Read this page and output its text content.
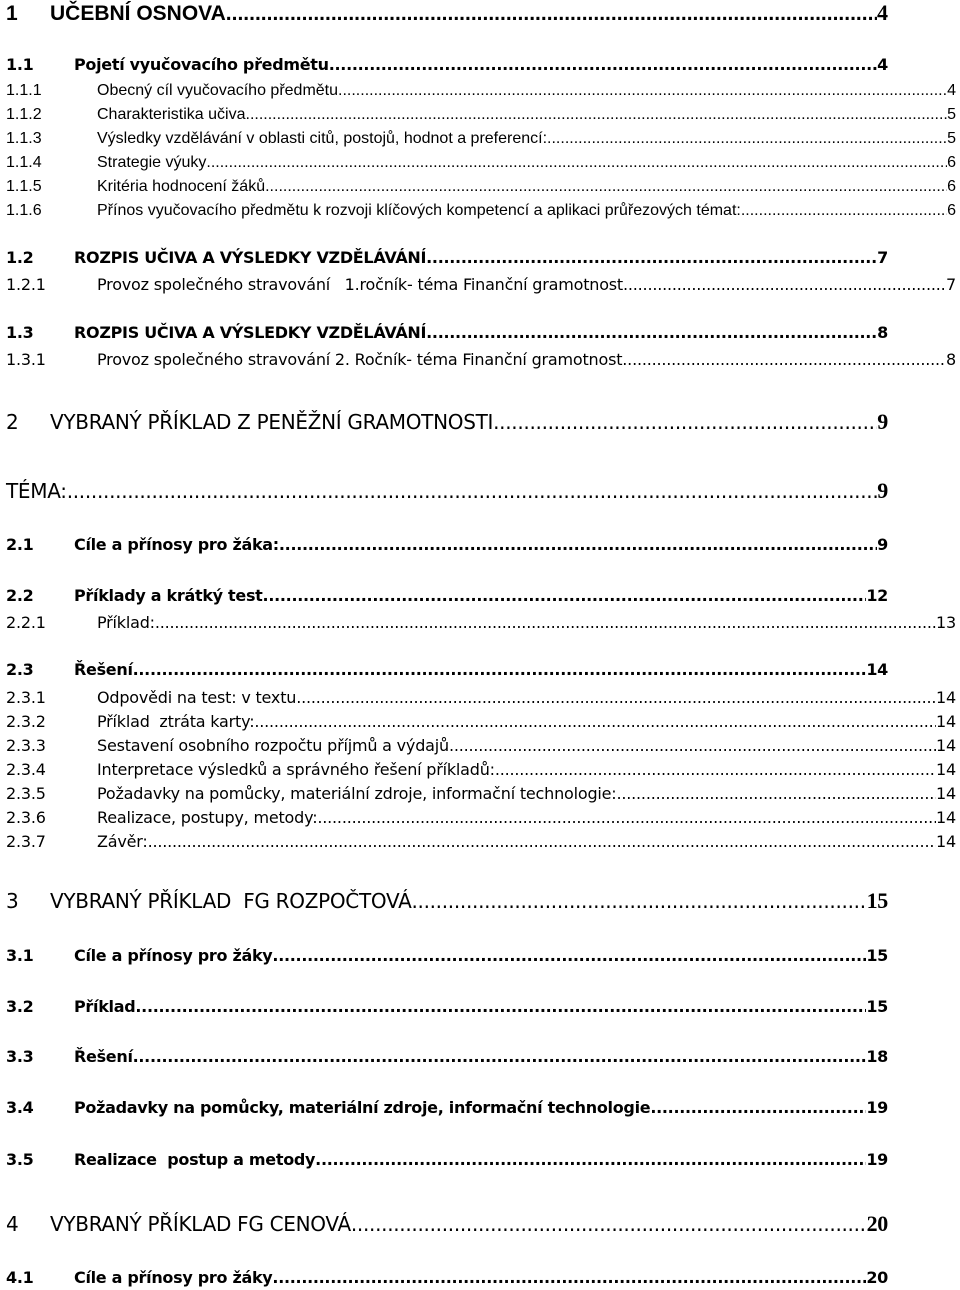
1	UČEBNÍ OSNOVA .....	4
1.1	Pojetí vyučovacího předmětu .....	4
1.1.1	Obecný cíl vyučovacího předmětu .....	4
1.1.2	Charakteristika učiva .....	5
1.1.3	Výsledky vzdělávání v oblasti citů, postojů, hodnot a preferencí: .....	5
1.1.4	Strategie výuky .....	6
1.1.5	Kritéria hodnocení žáků .....	6
1.1.6	Přínos vyučovacího předmětu k rozvoji klíčových kompetencí a aplikaci průřezových témat: .....	6
1.2	ROZPIS UČIVA A VÝSLEDKY VZDĚLÁVÁNÍ .....	7
1.2.1	Provoz společného stravování   1.ročník- téma Finanční gramotnost .....	7
1.3	ROZPIS UČIVA A VÝSLEDKY VZDĚLÁVÁNÍ .....	8
1.3.1	Provoz společného stravování 2. Ročník- téma Finanční gramotnost .....	8
2	VYBRANÝ PŘÍKLAD Z PENĚŽNÍ GRAMOTNOSTI .....	9
TÉMA: .....	9
2.1	Cíle a přínosy pro žáka: .....	9
2.2	Příklady a krátký test .....	12
2.2.1	Příklad: .....	13
2.3	Řešení .....	14
2.3.1	Odpovědi na test: v textu .....	14
2.3.2	Příklad  ztráta karty: .....	14
2.3.3	Sestavení osobního rozpočtu příjmů a výdajů .....	14
2.3.4	Interpretace výsledků a správného řešení příkladů: .....	14
2.3.5	Požadavky na pomůcky, materiální zdroje, informační technologie: .....	14
2.3.6	Realizace, postupy, metody: .....	14
2.3.7	Závěr: .....	14
3	VYBRANÝ PŘÍKLAD  FG ROZPOČTOVÁ .....	15
3.1	Cíle a přínosy pro žáky .....	15
3.2	Příklad .....	15
3.3	Řešení .....	18
3.4	Požadavky na pomůcky, materiální zdroje, informační technologie. .....	19
3.5	Realizace  postup a metody .....	19
4	VYBRANÝ PŘÍKLAD FG CENOVÁ .....	20
4.1	Cíle a přínosy pro žáky .....	20
